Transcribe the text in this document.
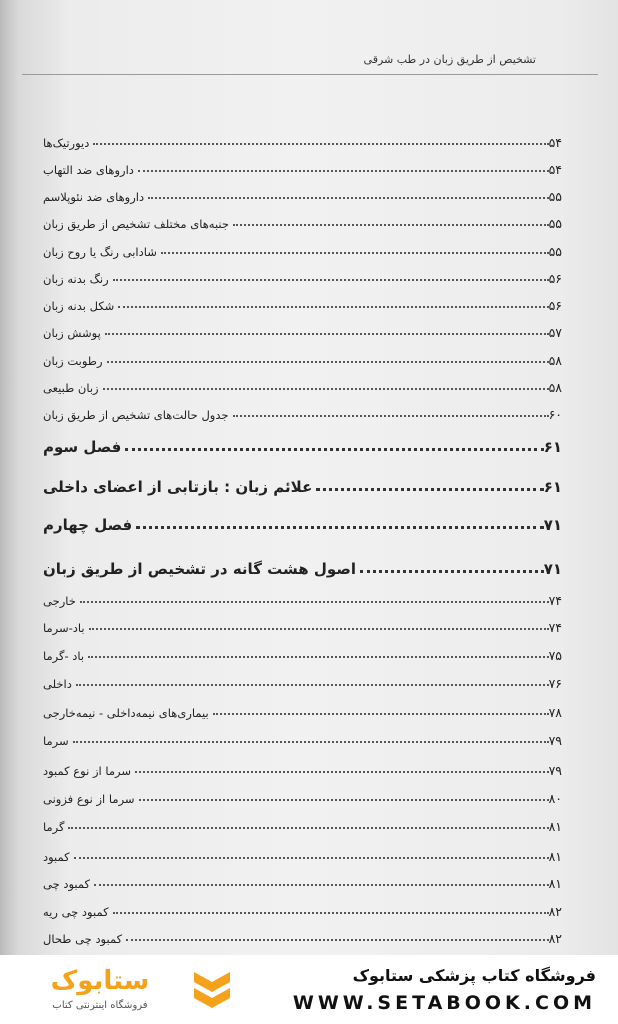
تشخیص از طریق زبان در طب شرقی
دیورتیک‌ها	۵۴
داروهای ضد التهاب	۵۴
داروهای ضد نئوپلاسم	۵۵
جنبه‌های مختلف تشخیص از طریق زبان	۵۵
شادابی رنگ یا روح زبان	۵۵
رنگ بدنه زبان	۵۶
شکل بدنه زبان	۵۶
پوشش زبان	۵۷
رطوبت زبان	۵۸
زبان طبیعی	۵۸
جدول حالت‌های تشخیص از طریق زبان	۶۰
فصل سوم	۶۱
علائم زبان : بازتابی از اعضای داخلی	۶۱
فصل چهارم	۷۱
اصول هشت گانه در تشخیص از طریق زبان	۷۱
خارجی	۷۴
باد-سرما	۷۴
باد -گرما	۷۵
داخلی	۷۶
بیماری‌های نیمه‌داخلی - نیمه‌خارجی	۷۸
سرما	۷۹
سرما از نوع کمبود	۷۹
سرما از نوع فزونی	۸۰
گرما	۸۱
کمبود	۸۱
کمبود چی	۸۱
کمبود چی ریه	۸۲
کمبود چی طحال	۸۲
ستابوک
فروشگاه اینترنتی کتاب
فروشگاه کتاب پزشکی ستابوک
WWW.SETABOOK.COM
